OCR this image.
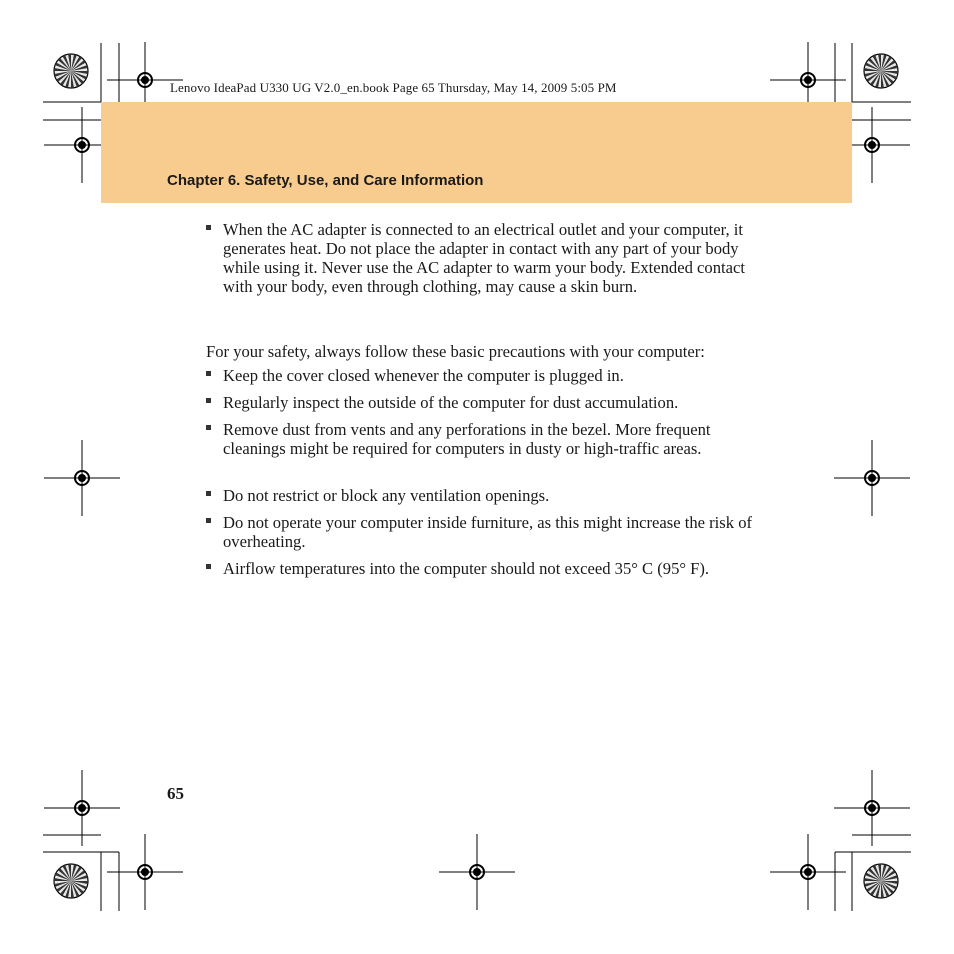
Lenovo IdeaPad U330 UG V2.0_en.book Page 65 Thursday, May 14, 2009 5:05 PM
Chapter 6. Safety, Use, and Care Information
When the AC adapter is connected to an electrical outlet and your computer, it generates heat. Do not place the adapter in contact with any part of your body while using it. Never use the AC adapter to warm your body. Extended contact with your body, even through clothing, may cause a skin burn.
For your safety, always follow these basic precautions with your computer:
Keep the cover closed whenever the computer is plugged in.
Regularly inspect the outside of the computer for dust accumulation.
Remove dust from vents and any perforations in the bezel. More frequent cleanings might be required for computers in dusty or high-traffic areas.
Do not restrict or block any ventilation openings.
Do not operate your computer inside furniture, as this might increase the risk of overheating.
Airflow temperatures into the computer should not exceed 35° C (95° F).
65
